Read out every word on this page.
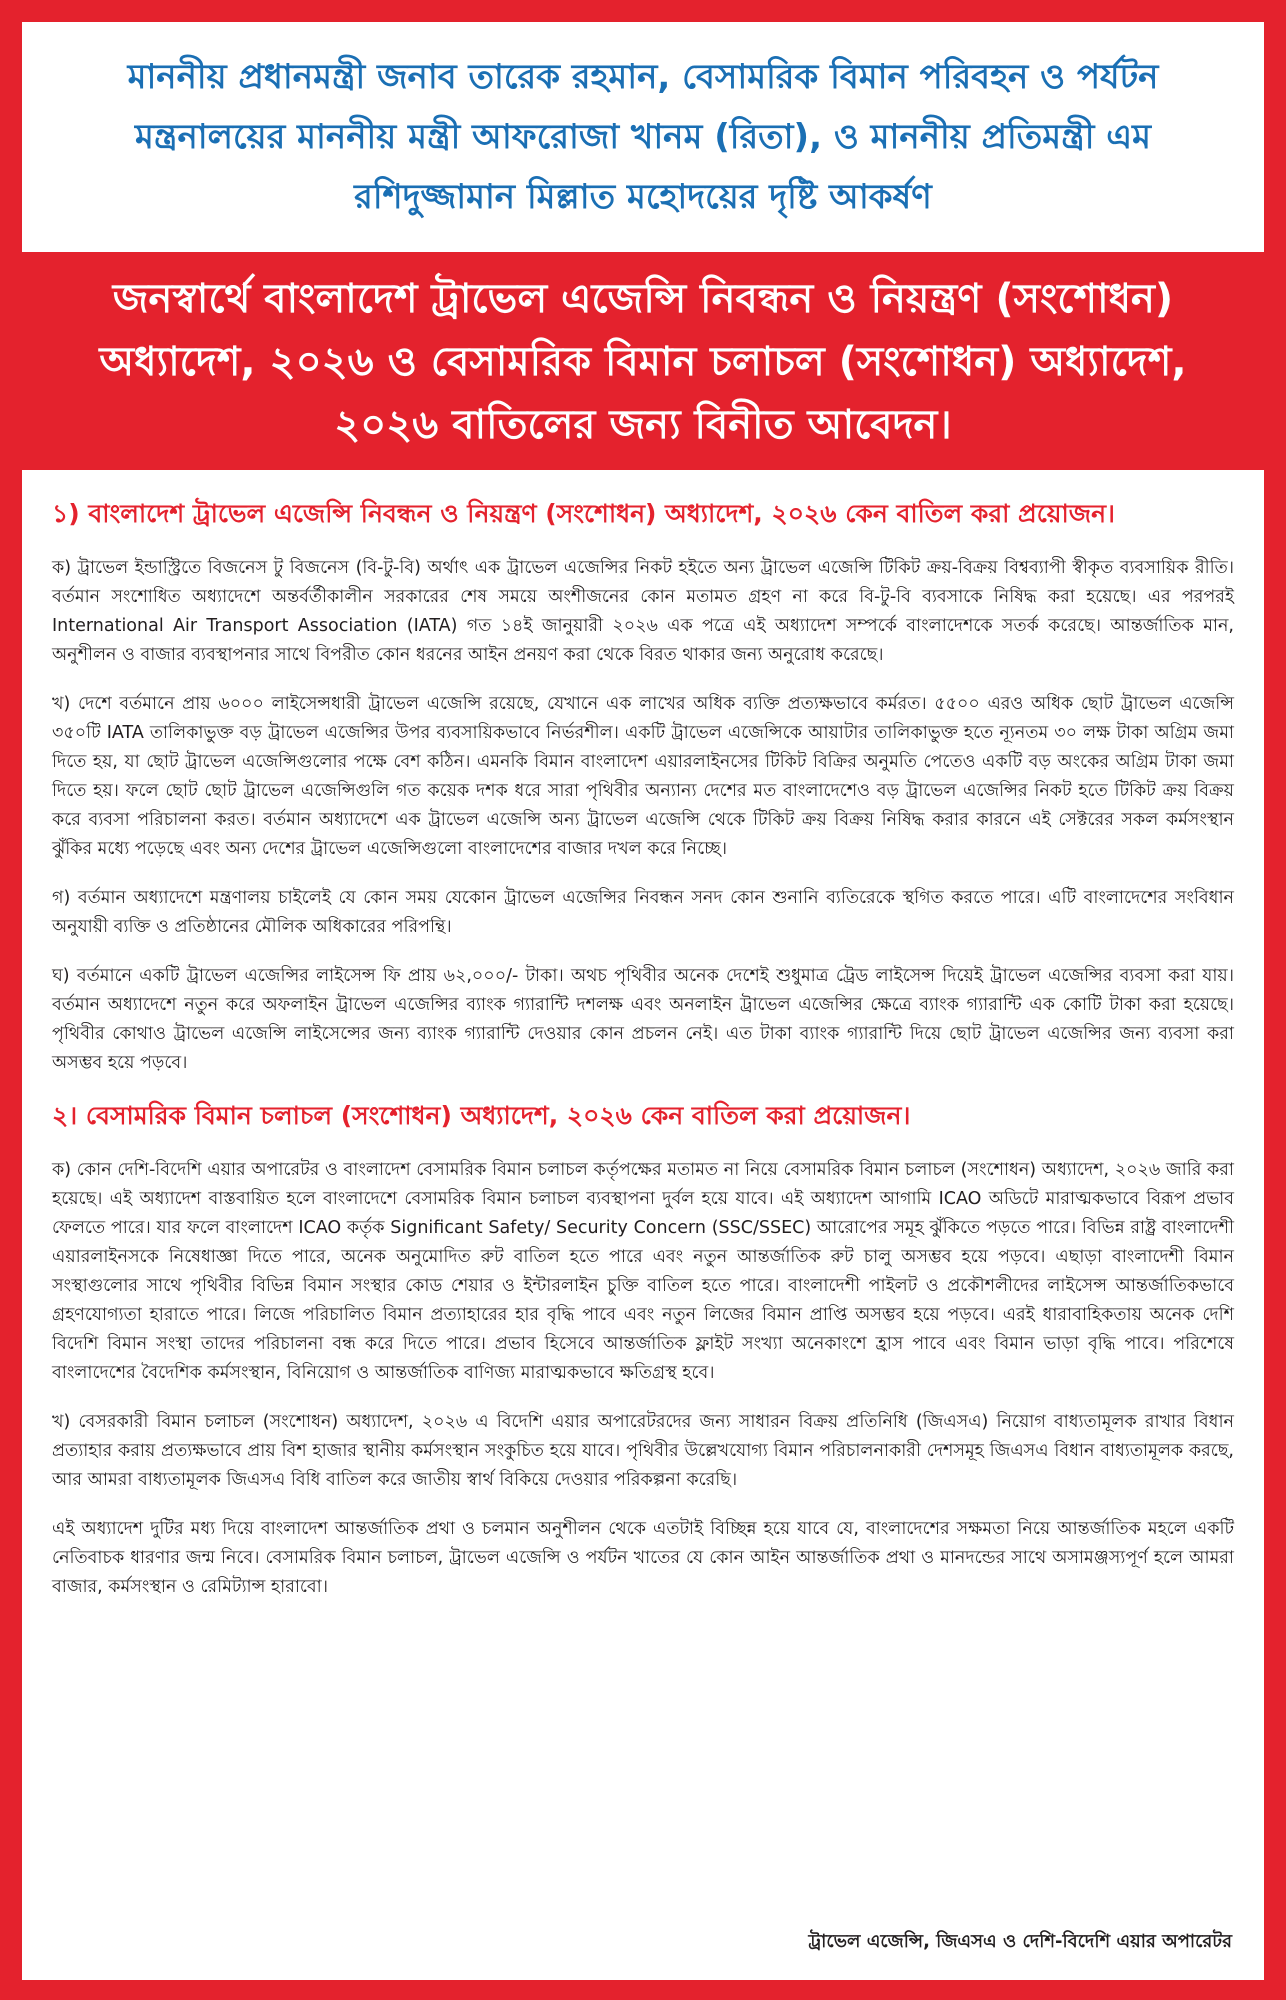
মাননীয় প্রধানমন্ত্রী জনাব তারেক রহমান, বেসামরিক বিমান পরিবহন ও পর্যটন মন্ত্রনালয়ের মাননীয় মন্ত্রী আফরোজা খানম (রিতা), ও মাননীয় প্রতিমন্ত্রী এম রশিদুজ্জামান মিল্লাত মহোদয়ের দৃষ্টি আকর্ষণ

জনস্বার্থে বাংলাদেশ ট্রাভেল এজেন্সি নিবন্ধন ও নিয়ন্ত্রণ (সংশোধন) অধ্যাদেশ, ২০২৬ ও বেসামরিক বিমান চলাচল (সংশোধন) অধ্যাদেশ, ২০২৬ বাতিলের জন্য বিনীত আবেদন।

১) বাংলাদেশ ট্রাভেল এজেন্সি নিবন্ধন ও নিয়ন্ত্রণ (সংশোধন) অধ্যাদেশ, ২০২৬ কেন বাতিল করা প্রয়োজন।

ক) ট্রাভেল ইন্ডাস্ট্রিতে বিজনেস টু বিজনেস (বি-টু-বি) অর্থাৎ এক ট্রাভেল এজেন্সির নিকট হইতে অন্য ট্রাভেল এজেন্সি টিকিট ক্রয়-বিক্রয় বিশ্বব্যাপী স্বীকৃত ব্যবসায়িক রীতি। বর্তমান সংশোধিত অধ্যাদেশে অন্তর্বর্তীকালীন সরকারের শেষ সময়ে অংশীজনের কোন মতামত গ্রহণ না করে বি-টু-বি ব্যবসাকে নিষিদ্ধ করা হয়েছে। এর পরপরই International Air Transport Association (IATA) গত ১৪ই জানুয়ারী ২০২৬ এক পত্রে এই অধ্যাদেশ সম্পর্কে বাংলাদেশকে সতর্ক করেছে। আন্তর্জাতিক মান, অনুশীলন ও বাজার ব্যবস্থাপনার সাথে বিপরীত কোন ধরনের আইন প্রনয়ণ করা থেকে বিরত থাকার জন্য অনুরোধ করেছে।

খ) দেশে বর্তমানে প্রায় ৬০০০ লাইসেন্সধারী ট্রাভেল এজেন্সি রয়েছে, যেখানে এক লাখের অধিক ব্যক্তি প্রত্যক্ষভাবে কর্মরত। ৫৫০০ এরও অধিক ছোট ট্রাভেল এজেন্সি ৩৫০টি IATA তালিকাভুক্ত বড় ট্রাভেল এজেন্সির উপর ব্যবসায়িকভাবে নির্ভরশীল। একটি ট্রাভেল এজেন্সিকে আয়াটার তালিকাভুক্ত হতে ন্যূনতম ৩০ লক্ষ টাকা অগ্রিম জমা দিতে হয়, যা ছোট ট্রাভেল এজেন্সিগুলোর পক্ষে বেশ কঠিন। এমনকি বিমান বাংলাদেশ এয়ারলাইনসের টিকিট বিক্রির অনুমতি পেতেও একটি বড় অংকের অগ্রিম টাকা জমা দিতে হয়। ফলে ছোট ছোট ট্রাভেল এজেন্সিগুলি গত কয়েক দশক ধরে সারা পৃথিবীর অন্যান্য দেশের মত বাংলাদেশেও বড় ট্রাভেল এজেন্সির নিকট হতে টিকিট ক্রয় বিক্রয় করে ব্যবসা পরিচালনা করত। বর্তমান অধ্যাদেশে এক ট্রাভেল এজেন্সি অন্য ট্রাভেল এজেন্সি থেকে টিকিট ক্রয় বিক্রয় নিষিদ্ধ করার কারনে এই সেক্টরের সকল কর্মসংস্থান ঝুঁকির মধ্যে পড়েছে এবং অন্য দেশের ট্রাভেল এজেন্সিগুলো বাংলাদেশের বাজার দখল করে নিচ্ছে।

গ) বর্তমান অধ্যাদেশে মন্ত্রণালয় চাইলেই যে কোন সময় যেকোন ট্রাভেল এজেন্সির নিবন্ধন সনদ কোন শুনানি ব্যতিরেকে স্থগিত করতে পারে। এটি বাংলাদেশের সংবিধান অনুযায়ী ব্যক্তি ও প্রতিষ্ঠানের মৌলিক অধিকারের পরিপন্থি।

ঘ) বর্তমানে একটি ট্রাভেল এজেন্সির লাইসেন্স ফি প্রায় ৬২,০০০/- টাকা। অথচ পৃথিবীর অনেক দেশেই শুধুমাত্র ট্রেড লাইসেন্স দিয়েই ট্রাভেল এজেন্সির ব্যবসা করা যায়। বর্তমান অধ্যাদেশে নতুন করে অফলাইন ট্রাভেল এজেন্সির ব্যাংক গ্যারান্টি দশলক্ষ এবং অনলাইন ট্রাভেল এজেন্সির ক্ষেত্রে ব্যাংক গ্যারান্টি এক কোটি টাকা করা হয়েছে। পৃথিবীর কোথাও ট্রাভেল এজেন্সি লাইসেন্সের জন্য ব্যাংক গ্যারান্টি দেওয়ার কোন প্রচলন নেই। এত টাকা ব্যাংক গ্যারান্টি দিয়ে ছোট ট্রাভেল এজেন্সির জন্য ব্যবসা করা অসম্ভব হয়ে পড়বে।

২। বেসামরিক বিমান চলাচল (সংশোধন) অধ্যাদেশ, ২০২৬ কেন বাতিল করা প্রয়োজন।

ক) কোন দেশি-বিদেশি এয়ার অপারেটর ও বাংলাদেশ বেসামরিক বিমান চলাচল কর্তৃপক্ষের মতামত না নিয়ে বেসামরিক বিমান চলাচল (সংশোধন) অধ্যাদেশ, ২০২৬ জারি করা হয়েছে। এই অধ্যাদেশ বাস্তবায়িত হলে বাংলাদেশে বেসামরিক বিমান চলাচল ব্যবস্থাপনা দুর্বল হয়ে যাবে। এই অধ্যাদেশ আগামি ICAO অডিটে মারাত্মকভাবে বিরূপ প্রভাব ফেলতে পারে। যার ফলে বাংলাদেশ ICAO কর্তৃক Significant Safety/ Security Concern (SSC/SSEC) আরোপের সমূহ ঝুঁকিতে পড়তে পারে। বিভিন্ন রাষ্ট্র বাংলাদেশী এয়ারলাইনসকে নিষেধাজ্ঞা দিতে পারে, অনেক অনুমোদিত রুট বাতিল হতে পারে এবং নতুন আন্তর্জাতিক রুট চালু অসম্ভব হয়ে পড়বে। এছাড়া বাংলাদেশী বিমান সংস্থাগুলোর সাথে পৃথিবীর বিভিন্ন বিমান সংস্থার কোড শেয়ার ও ইন্টারলাইন চুক্তি বাতিল হতে পারে। বাংলাদেশী পাইলট ও প্রকৌশলীদের লাইসেন্স আন্তর্জাতিকভাবে গ্রহণযোগ্যতা হারাতে পারে। লিজে পরিচালিত বিমান প্রত্যাহারের হার বৃদ্ধি পাবে এবং নতুন লিজের বিমান প্রাপ্তি অসম্ভব হয়ে পড়বে। এরই ধারাবাহিকতায় অনেক দেশি বিদেশি বিমান সংস্থা তাদের পরিচালনা বন্ধ করে দিতে পারে। প্রভাব হিসেবে আন্তর্জাতিক ফ্লাইট সংখ্যা অনেকাংশে হ্রাস পাবে এবং বিমান ভাড়া বৃদ্ধি পাবে। পরিশেষে বাংলাদেশের বৈদেশিক কর্মসংস্থান, বিনিয়োগ ও আন্তর্জাতিক বাণিজ্য মারাত্মকভাবে ক্ষতিগ্রস্থ হবে।

খ) বেসরকারী বিমান চলাচল (সংশোধন) অধ্যাদেশ, ২০২৬ এ বিদেশি এয়ার অপারেটরদের জন্য সাধারন বিক্রয় প্রতিনিধি (জিএসএ) নিয়োগ বাধ্যতামূলক রাখার বিধান প্রত্যাহার করায় প্রত্যক্ষভাবে প্রায় বিশ হাজার স্থানীয় কর্মসংস্থান সংকুচিত হয়ে যাবে। পৃথিবীর উল্লেখযোগ্য বিমান পরিচালনাকারী দেশসমূহ জিএসএ বিধান বাধ্যতামূলক করছে, আর আমরা বাধ্যতামূলক জিএসএ বিধি বাতিল করে জাতীয় স্বার্থ বিকিয়ে দেওয়ার পরিকল্পনা করেছি।

এই অধ্যাদেশ দুটির মধ্য দিয়ে বাংলাদেশ আন্তর্জাতিক প্রথা ও চলমান অনুশীলন থেকে এতটাই বিচ্ছিন্ন হয়ে যাবে যে, বাংলাদেশের সক্ষমতা নিয়ে আন্তর্জাতিক মহলে একটি নেতিবাচক ধারণার জন্ম নিবে। বেসামরিক বিমান চলাচল, ট্রাভেল এজেন্সি ও পর্যটন খাতের যে কোন আইন আন্তর্জাতিক প্রথা ও মানদন্ডের সাথে অসামঞ্জস্যপূর্ণ হলে আমরা বাজার, কর্মসংস্থান ও রেমিট্যান্স হারাবো।

ট্রাভেল এজেন্সি, জিএসএ ও দেশি-বিদেশি এয়ার অপারেটর
